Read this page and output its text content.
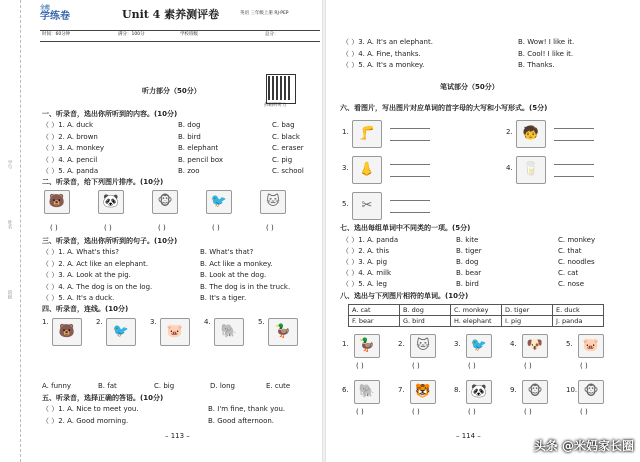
学号
姓名
班级
全能
学练卷	Unit 4 素养测评卷	英语 三年级上册 RJ·PEP
时间：60分钟	满分：100分	学校班级	总分：
听力部分（50分）
扫码听听力
一、听录音，选出你所听到的内容。(10分)
（ ）1. A. duck	B. dog	C. bag
（ ）2. A. brown	B. bird	C. black
（ ）3. A. monkey	B. elephant	C. eraser
（ ）4. A. pencil	B. pencil box	C. pig
（ ）5. A. panda	B. zoo	C. school
二、听录音，给下列图片排序。(10分)
🐻
( )
🐼
( )
🐵
( )
🐦
( )
🐱
( )
三、听录音，选出你所听到的句子。(10分)
（ ）1. A. What's this?	B. What's that?
（ ）2. A. Act like an elephant.	B. Act like a monkey.
（ ）3. A. Look at the pig.	B. Look at the dog.
（ ）4. A. The dog is on the log.	B. The dog is in the truck.
（ ）5. A. It's a duck.	B. It's a tiger.
四、听录音，连线。(10分)
1.
🐻
2.
🐦
3.
🐷
4.
🐘
5.
🦆
A. funny	B. fat	C. big	D. long	E. cute
五、听录音，选择正确的答语。(10分)
（ ）1. A. Nice to meet you.	B. I'm fine, thank you.
（ ）2. A. Good morning.	B. Good afternoon.
– 113 –
（ ）3. A. It's an elephant.	B. Wow! I like it.
（ ）4. A. Fine, thanks.	B. Cool! I like it.
（ ）5. A. It's a monkey.	B. Thanks.
笔试部分（50分）
六、看图片，写出图片对应单词的首字母的大写和小写形式。(5分)
1. 🦵	2. 🧒
3. 👃	4. 🥛
5. ✂
七、选出每组单词中不同类的一项。(5分)
（ ）1. A. panda	B. kite	C. monkey
（ ）2. A. this	B. tiger	C. that
（ ）3. A. pig	B. dog	C. noodles
（ ）4. A. milk	B. bear	C. cat
（ ）5. A. leg	B. bird	C. nose
八、选出与下列图片相符的单词。(10分)
A. cat	B. dog	C. monkey	D. tiger	E. duck
F. bear	G. bird	H. elephant	I. pig	J. panda
1. 🦆
( )
2. 🐱
( )
3. 🐦
( )
4. 🐶
( )
5. 🐷
( )
6. 🐘
( )
7. 🐯
( )
8. 🐼
( )
9. 🐵
( )
10. 🐵
( )
– 114 –
头条 @米妈家长圈
